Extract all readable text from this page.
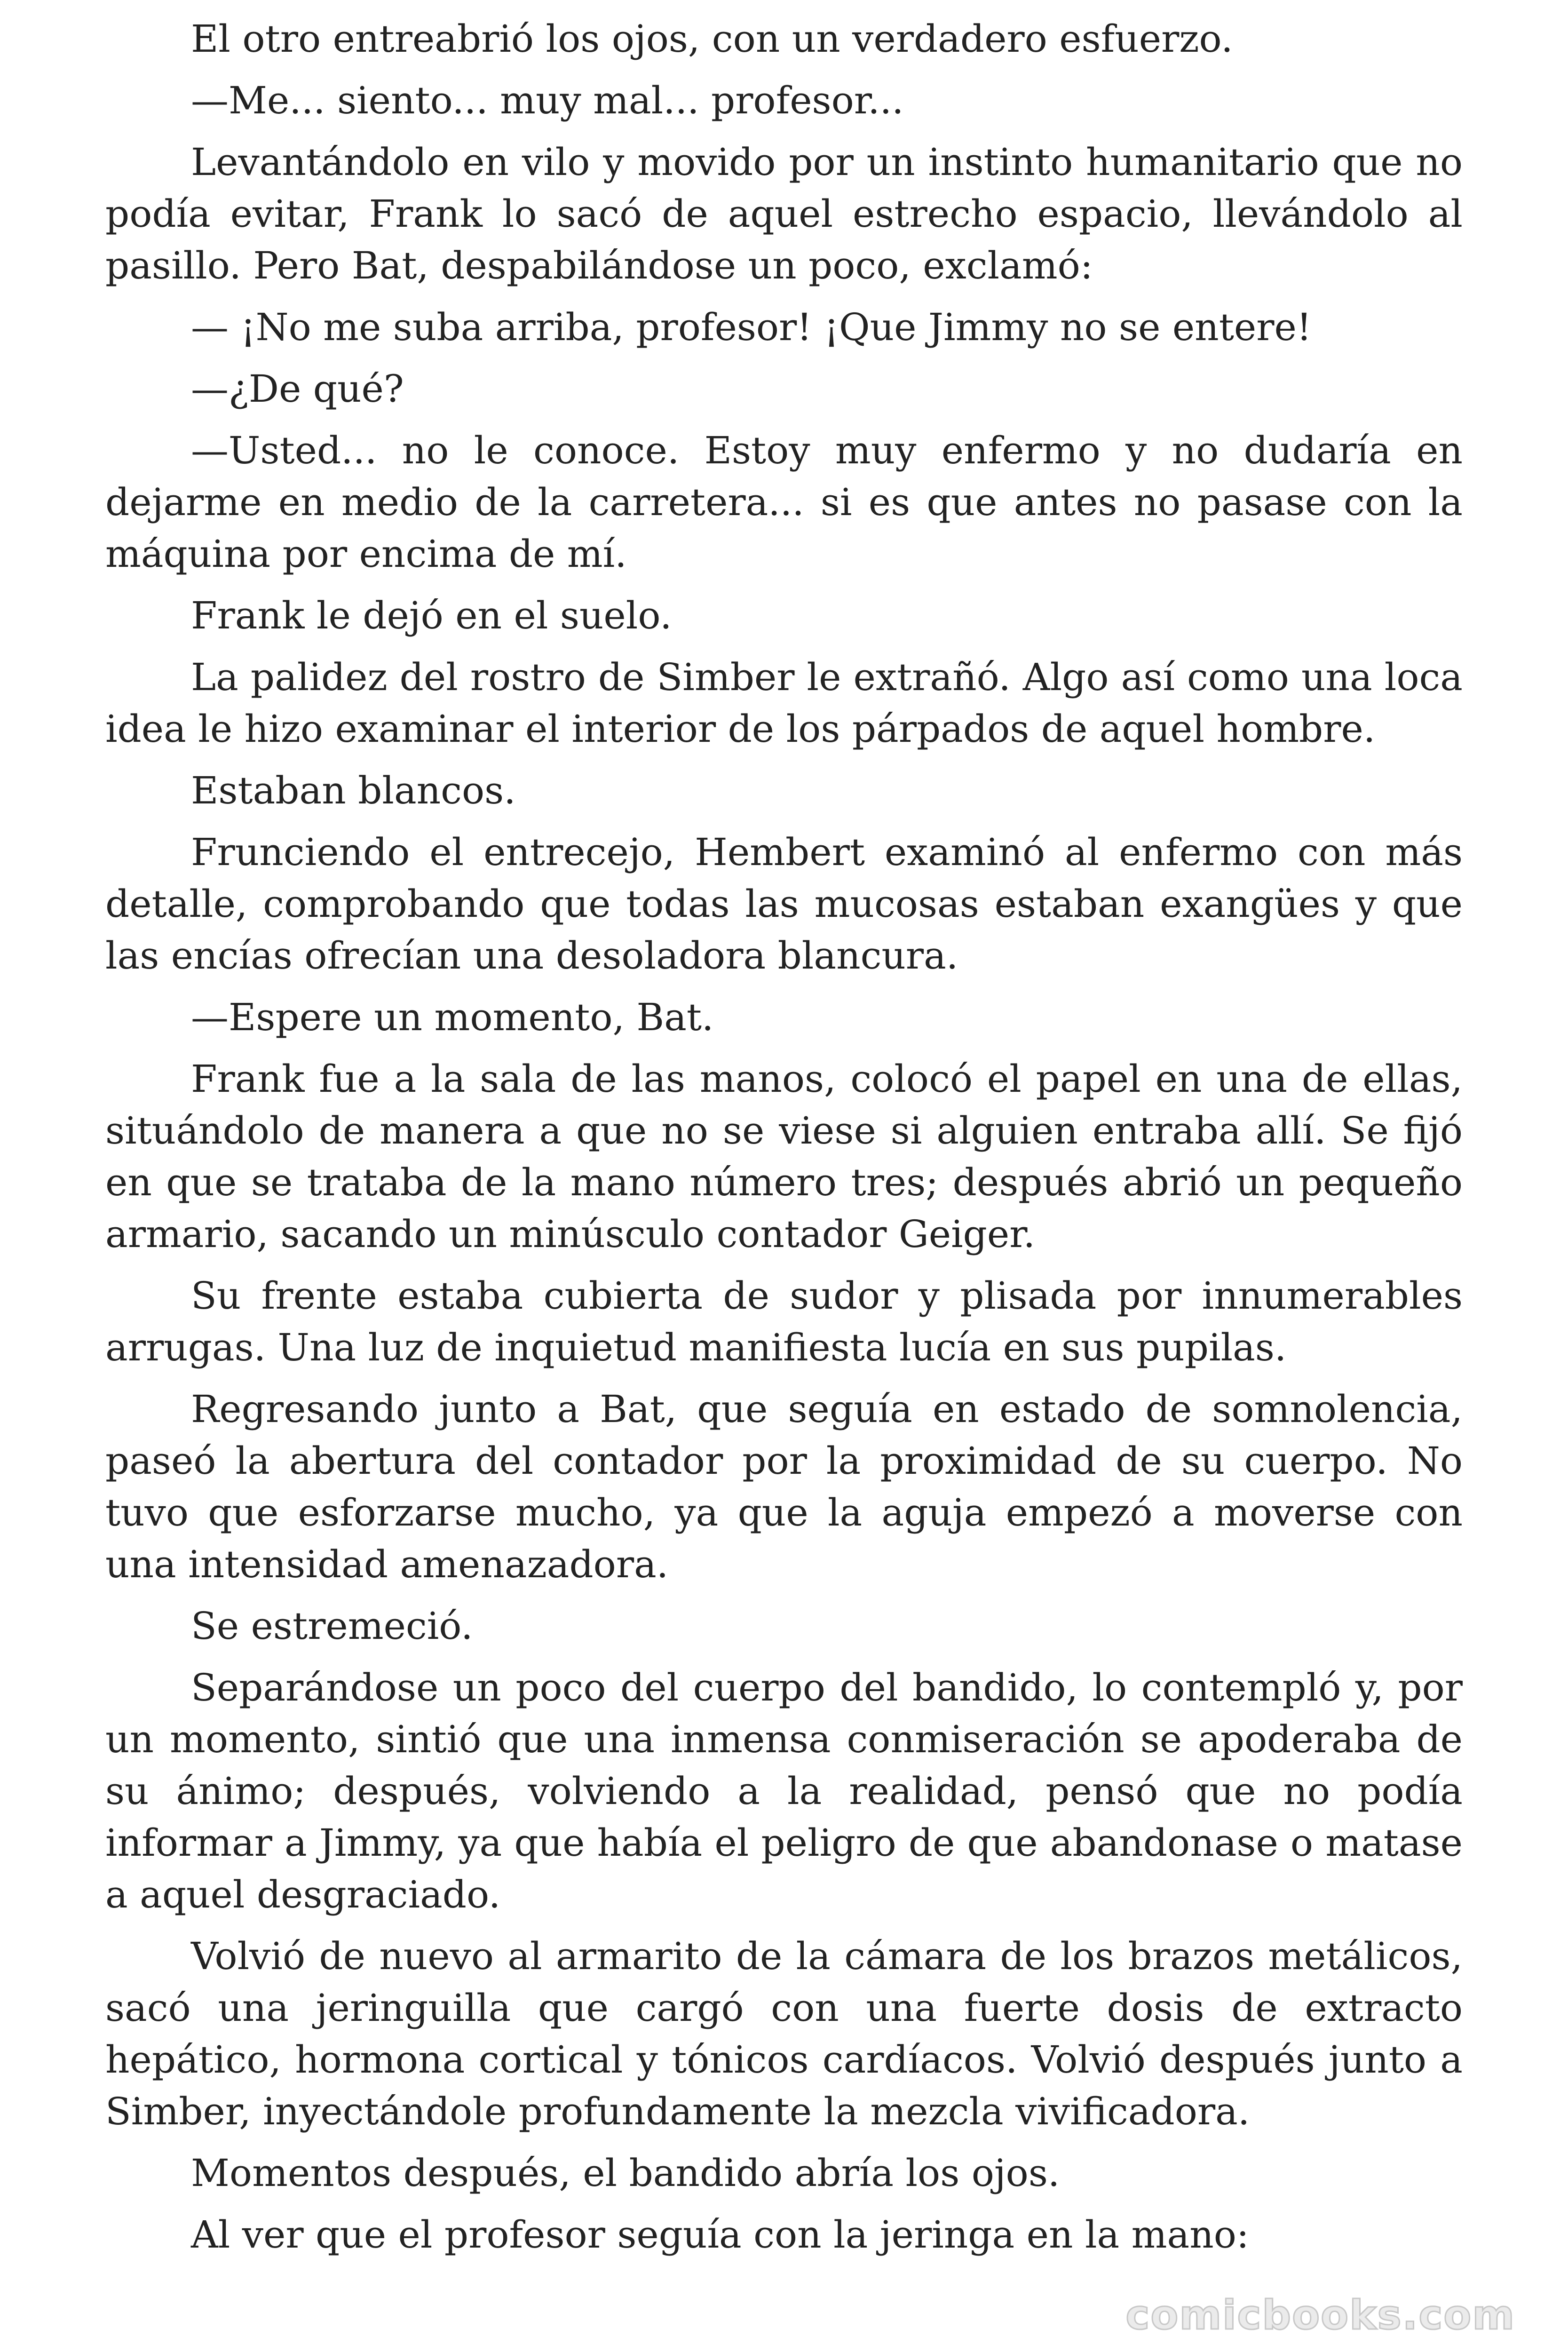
El otro entreabrió los ojos, con un verdadero esfuerzo.

—Me... siento... muy mal... profesor...

Levantándolo en vilo y movido por un instinto humanitario que no podía evitar, Frank lo sacó de aquel estrecho espacio, llevándolo al pasillo. Pero Bat, despabilándose un poco, exclamó:

— ¡No me suba arriba, profesor! ¡Que Jimmy no se entere!

—¿De qué?

—Usted... no le conoce. Estoy muy enfermo y no dudaría en dejarme en medio de la carretera... si es que antes no pasase con la máquina por encima de mí.

Frank le dejó en el suelo.

La palidez del rostro de Simber le extrañó. Algo así como una loca idea le hizo examinar el interior de los párpados de aquel hombre.

Estaban blancos.

Frunciendo el entrecejo, Hembert examinó al enfermo con más detalle, comprobando que todas las mucosas estaban exangües y que las encías ofrecían una desoladora blancura.

—Espere un momento, Bat.

Frank fue a la sala de las manos, colocó el papel en una de ellas, situándolo de manera a que no se viese si alguien entraba allí. Se fijó en que se trataba de la mano número tres; después abrió un pequeño armario, sacando un minúsculo contador Geiger.

Su frente estaba cubierta de sudor y plisada por innumerables arrugas. Una luz de inquietud manifiesta lucía en sus pupilas.

Regresando junto a Bat, que seguía en estado de somnolencia, paseó la abertura del contador por la proximidad de su cuerpo. No tuvo que esforzarse mucho, ya que la aguja empezó a moverse con una intensidad amenazadora.

Se estremeció.

Separándose un poco del cuerpo del bandido, lo contempló y, por un momento, sintió que una inmensa conmiseración se apoderaba de su ánimo; después, volviendo a la realidad, pensó que no podía informar a Jimmy, ya que había el peligro de que abandonase o matase a aquel desgraciado.

Volvió de nuevo al armarito de la cámara de los brazos metálicos, sacó una jeringuilla que cargó con una fuerte dosis de extracto hepático, hormona cortical y tónicos cardíacos. Volvió después junto a Simber, inyectándole profundamente la mezcla vivificadora.

Momentos después, el bandido abría los ojos.

Al ver que el profesor seguía con la jeringa en la mano:

comicbooks.com
